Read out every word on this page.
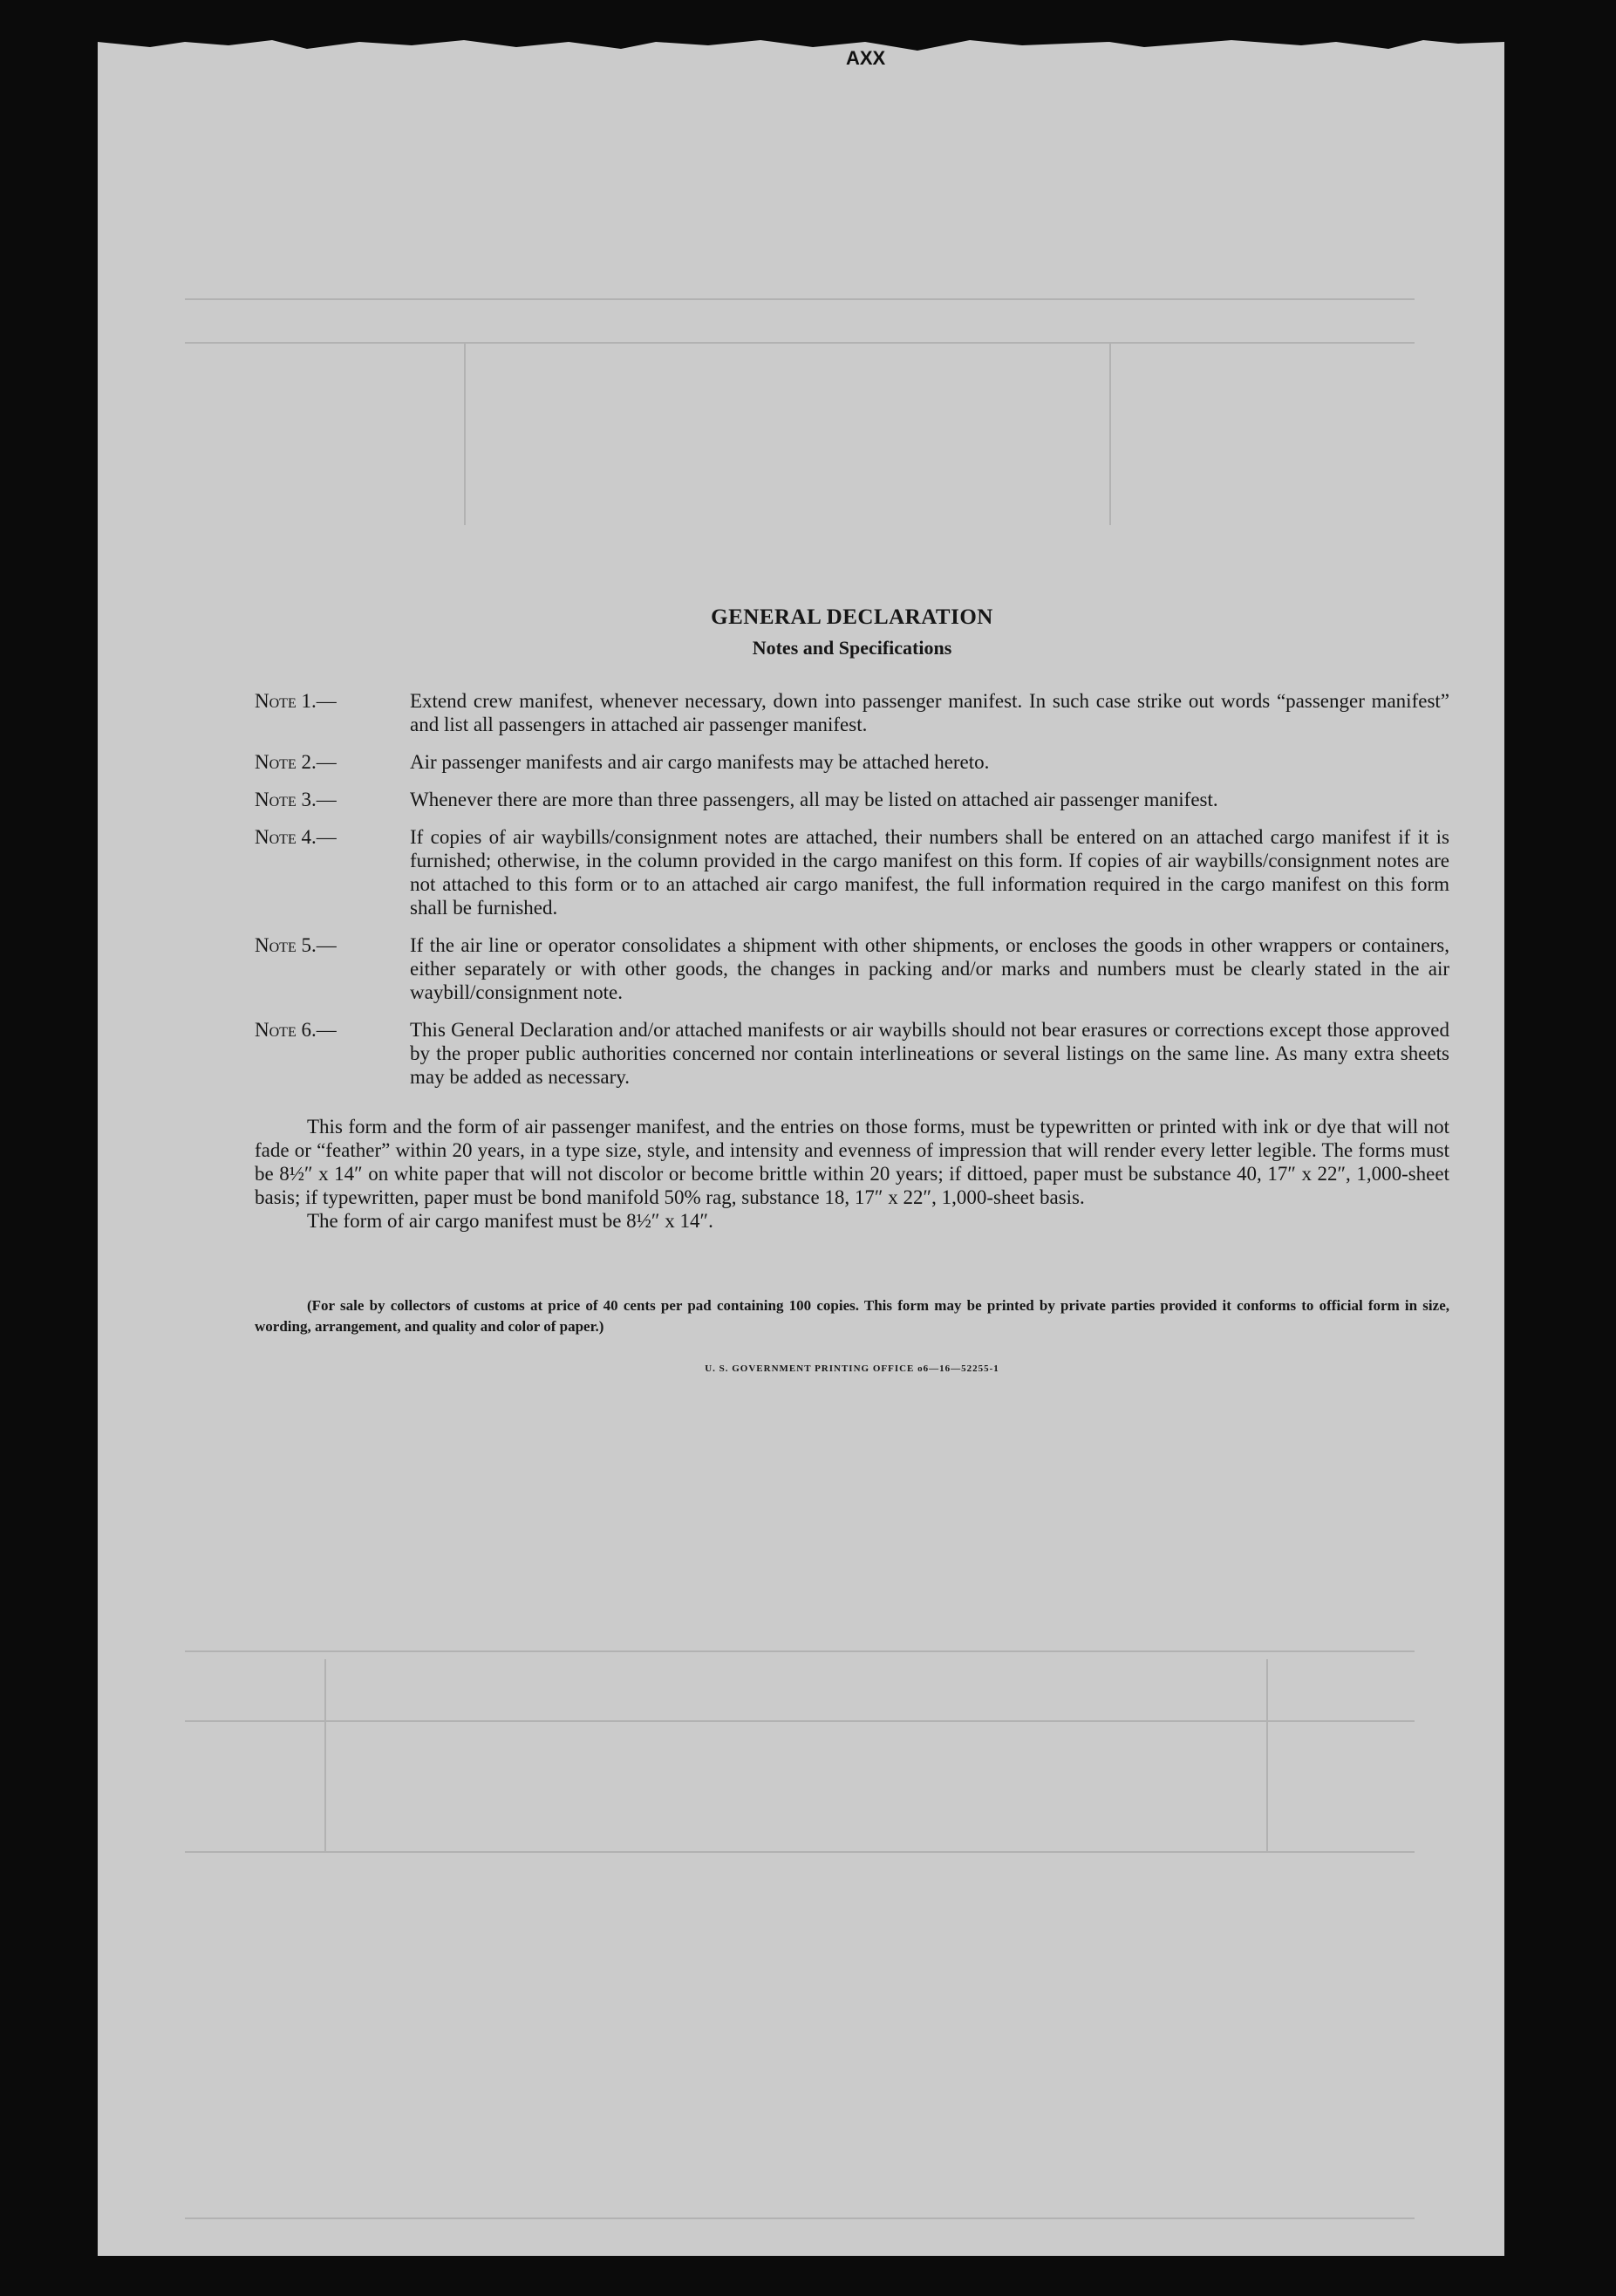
AXX
GENERAL DECLARATION
Notes and Specifications
Note 1.—	Extend crew manifest, whenever necessary, down into passenger manifest. In such case strike out words “passenger manifest” and list all passengers in attached air passenger manifest.
Note 2.—	Air passenger manifests and air cargo manifests may be attached hereto.
Note 3.—	Whenever there are more than three passengers, all may be listed on attached air passenger manifest.
Note 4.—	If copies of air waybills/consignment notes are attached, their numbers shall be entered on an attached cargo manifest if it is furnished; otherwise, in the column provided in the cargo manifest on this form. If copies of air waybills/consignment notes are not attached to this form or to an attached air cargo manifest, the full information required in the cargo manifest on this form shall be furnished.
Note 5.—	If the air line or operator consolidates a shipment with other shipments, or encloses the goods in other wrappers or containers, either separately or with other goods, the changes in packing and/or marks and numbers must be clearly stated in the air waybill/consignment note.
Note 6.—	This General Declaration and/or attached manifests or air waybills should not bear erasures or corrections except those approved by the proper public authorities concerned nor contain interlineations or several listings on the same line. As many extra sheets may be added as necessary.
This form and the form of air passenger manifest, and the entries on those forms, must be typewritten or printed with ink or dye that will not fade or “feather” within 20 years, in a type size, style, and intensity and evenness of impression that will render every letter legible. The forms must be 8½″ x 14″ on white paper that will not discolor or become brittle within 20 years; if dittoed, paper must be substance 40, 17″ x 22″, 1,000-sheet basis; if typewritten, paper must be bond manifold 50% rag, substance 18, 17″ x 22″, 1,000-sheet basis.
The form of air cargo manifest must be 8½″ x 14″.
(For sale by collectors of customs at price of 40 cents per pad containing 100 copies. This form may be printed by private parties provided it conforms to official form in size, wording, arrangement, and quality and color of paper.)
U. S. GOVERNMENT PRINTING OFFICE o6—16—52255-1
